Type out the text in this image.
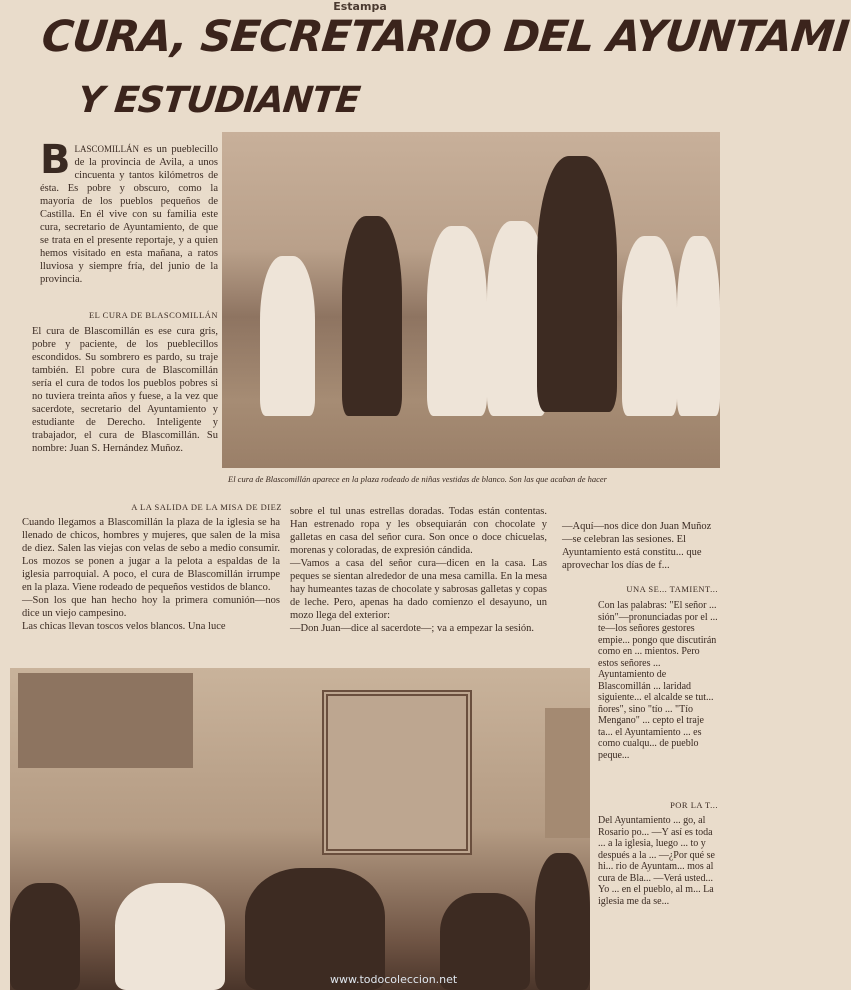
Estampa
CURA, SECRETARIO DEL AYUNTAMI
Y ESTUDIANTE
BLASCOMILLÁN es un pueblecillo de la provincia de Avila, a unos cincuenta y tantos kilómetros de ésta. Es pobre y obscuro, como la mayoría de los pueblos pequeños de Castilla. En él vive con su familia este cura, secretario de Ayuntamiento, de que se trata en el presente reportaje, y a quien hemos visitado en esta mañana, a ratos lluviosa y siempre fría, del junio de la provincia.
EL CURA DE BLASCOMILLÁN
El cura de Blascomillán es ese cura gris, pobre y paciente, de los pueblecillos escondidos. Su sombrero es pardo, su traje también. El pobre cura de Blascomillán sería el cura de todos los pueblos pobres si no tuviera treinta años y fuese, a la vez que sacerdote, secretario del Ayuntamiento y estudiante de Derecho. Inteligente y trabajador, el cura de Blascomillán. Su nombre: Juan S. Hernández Muñoz.
El cura de Blascomillán aparece en la plaza rodeado de niñas vestidas de blanco. Son las que acaban de hacer
A LA SALIDA DE LA MISA DE DIEZ

Cuando llegamos a Blascomillán la plaza de la iglesia se ha llenado de chicos, hombres y mujeres, que salen de la misa de diez. Salen las viejas con velas de sebo a medio consumir. Los mozos se ponen a jugar a la pelota a espaldas de la iglesia parroquial. A poco, el cura de Blascomillán irrumpe en la plaza. Viene rodeado de pequeños vestidos de blanco.

—Son los que han hecho hoy la primera comunión—nos dice un viejo campesino.

Las chicas llevan toscos velos blancos. Una luce

sobre el tul unas estrellas doradas. Todas están contentas. Han estrenado ropa y les obsequiarán con chocolate y galletas en casa del señor cura. Son once o doce chicuelas, morenas y coloradas, de expresión cándida.

—Vamos a casa del señor cura—dicen en la casa. Las peques se sientan alrededor de una mesa camilla. En la mesa hay humeantes tazas de chocolate y sabrosas galletas y copas de leche. Pero, apenas ha dado comienzo el desayuno, un mozo llega del exterior:

—Don Juan—dice al sacerdote—; va a empezar la sesión.

—Aquí—nos dice don Juan Muñoz—se celebran las sesiones. El Ayuntamiento está constitu... que aprovechar los días de f...
UNA SE... TAMIENT...
Con las palabras: "El señor ... sión"—pronunciadas por el ... te—los señores gestores empie... pongo que discutirán como en ... mientos. Pero estos señores ... Ayuntamiento de Blascomillán ... laridad siguiente... el alcalde se tut... ñores", sino "tío ... "Tío Mengano" ... cepto el traje ta... el Ayuntamiento ... es como cualqu... de pueblo peque...
POR LA T...
Del Ayuntamiento ... go, al Rosario po... —Y así es toda ... a la iglesia, luego ... to y después a la ... —¿Por qué se hi... rio de Ayuntam... mos al cura de Bla... —Verá usted... Yo ... en el pueblo, al m... La iglesia me da se...
www.todocoleccion.net
